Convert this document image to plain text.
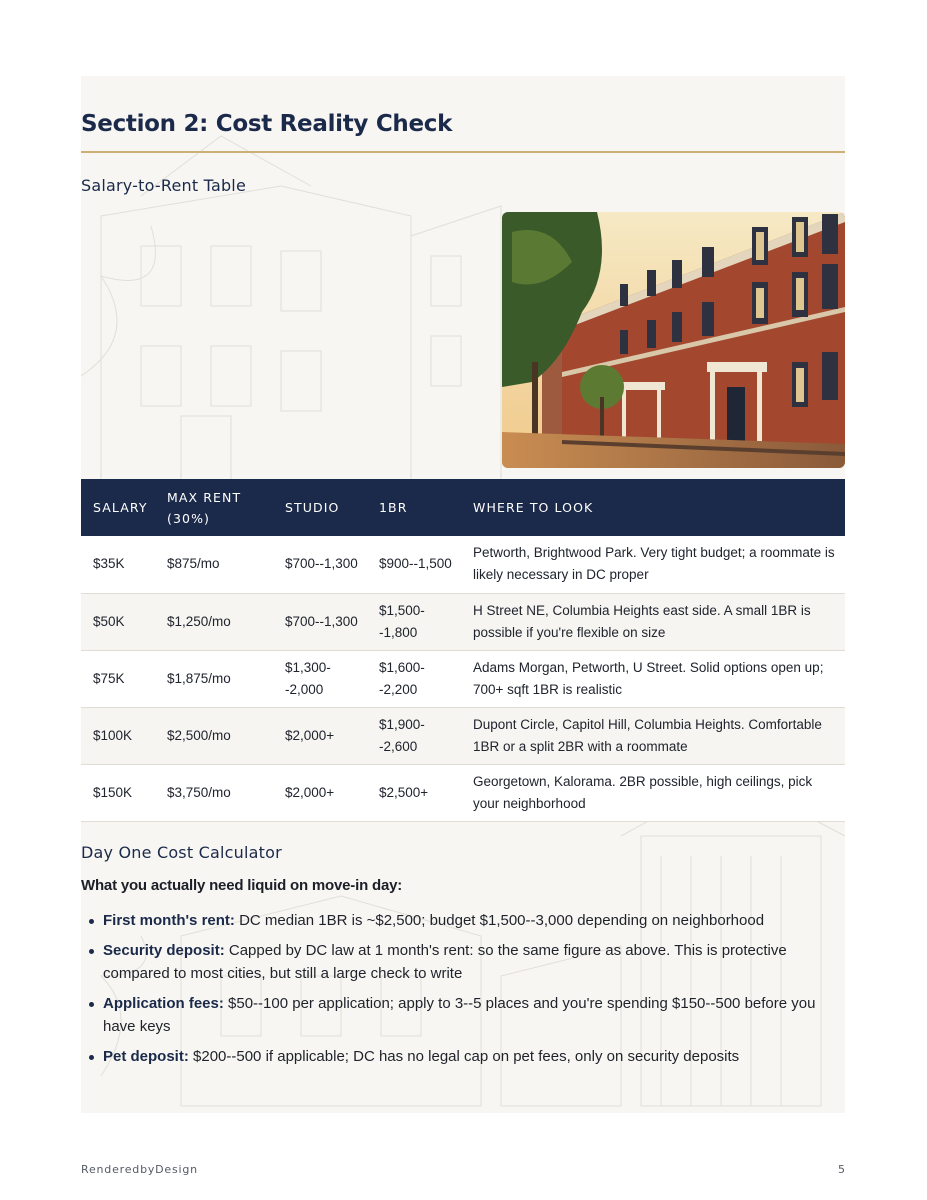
Section 2: Cost Reality Check
Salary-to-Rent Table
SALARY	MAX RENT (30%)	STUDIO	1BR	WHERE TO LOOK
$35K	$875/mo	$700--1,300	$900--1,500	Petworth, Brightwood Park. Very tight budget; a roommate is likely necessary in DC proper
$50K	$1,250/mo	$700--1,300	$1,500--1,800	H Street NE, Columbia Heights east side. A small 1BR is possible if you're flexible on size
$75K	$1,875/mo	$1,300--2,000	$1,600--2,200	Adams Morgan, Petworth, U Street. Solid options open up; 700+ sqft 1BR is realistic
$100K	$2,500/mo	$2,000+	$1,900--2,600	Dupont Circle, Capitol Hill, Columbia Heights. Comfortable 1BR or a split 2BR with a roommate
$150K	$3,750/mo	$2,000+	$2,500+	Georgetown, Kalorama. 2BR possible, high ceilings, pick your neighborhood
Day One Cost Calculator
What you actually need liquid on move-in day:
First month's rent: DC median 1BR is ~$2,500; budget $1,500--3,000 depending on neighborhood
Security deposit: Capped by DC law at 1 month's rent: so the same figure as above. This is protective compared to most cities, but still a large check to write
Application fees: $50--100 per application; apply to 3--5 places and you're spending $150--500 before you have keys
Pet deposit: $200--500 if applicable; DC has no legal cap on pet fees, only on security deposits
RenderedbyDesign	5
